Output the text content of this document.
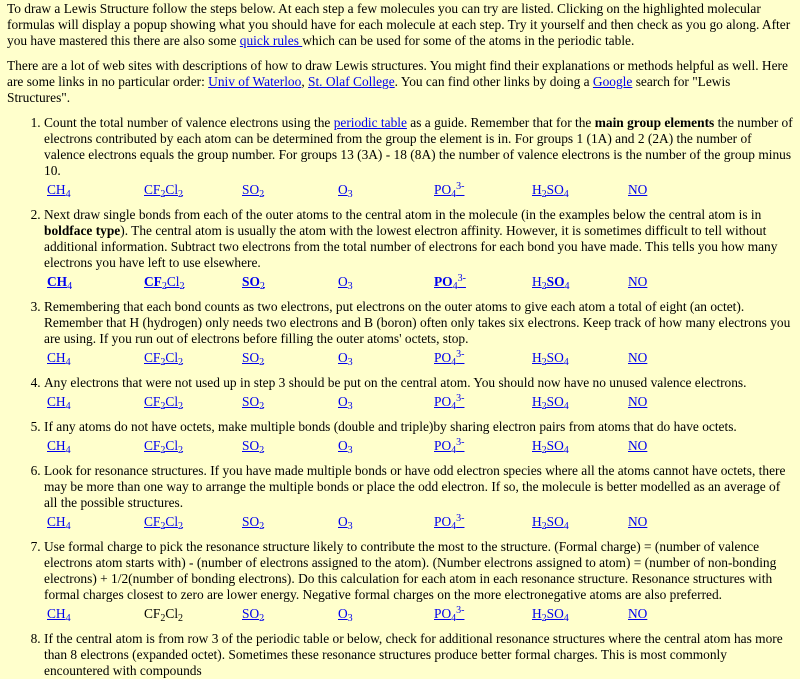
To draw a Lewis Structure follow the steps below. At each step a few molecules you can try are listed. Clicking on the highlighted molecular formulas will display a popup showing what you should have for each molecule at each step. Try it yourself and then check as you go along. After you have mastered this there are also some quick rules which can be used for some of the atoms in the periodic table.

There are a lot of web sites with descriptions of how to draw Lewis structures. You might find their explanations or methods helpful as well. Here are some links in no particular order: Univ of Waterloo, St. Olaf College. You can find other links by doing a Google search for "Lewis Structures".

1. Count the total number of valence electrons using the periodic table as a guide. Remember that for the main group elements the number of electrons contributed by each atom can be determined from the group the element is in. For groups 1 (1A) and 2 (2A) the number of valence electrons equals the group number. For groups 13 (3A) - 18 (8A) the number of valence electrons is the number of the group minus 10.
$CH_4$	$CF_2Cl_2$	$SO_2$	$O_3$	$PO_4^{3-}$	$H_2SO_4$	NO
2. Next draw single bonds from each of the outer atoms to the central atom in the molecule (in the examples below the central atom is in boldface type). The central atom is usually the atom with the lowest electron affinity. However, it is sometimes difficult to tell without additional information. Subtract two electrons from the total number of electrons for each bond you have made. This tells you how many electrons you have left to use elsewhere.
$CH_4$	$CF_2Cl_2$	$SO_2$	$O_3$	$PO_4^{3-}$	$H_2SO_4$	NO
3. Remembering that each bond counts as two electrons, put electrons on the outer atoms to give each atom a total of eight (an octet). Remember that H (hydrogen) only needs two electrons and B (boron) often only takes six electrons. Keep track of how many electrons you are using. If you run out of electrons before filling the outer atoms' octets, stop.
$CH_4$	$CF_2Cl_2$	$SO_2$	$O_3$	$PO_4^{3-}$	$H_2SO_4$	NO
4. Any electrons that were not used up in step 3 should be put on the central atom. You should now have no unused valence electrons.
$CH_4$	$CF_2Cl_2$	$SO_2$	$O_3$	$PO_4^{3-}$	$H_2SO_4$	NO
5. If any atoms do not have octets, make multiple bonds (double and triple)by sharing electron pairs from atoms that do have octets.
$CH_4$	$CF_2Cl_2$	$SO_2$	$O_3$	$PO_4^{3-}$	$H_2SO_4$	NO
6. Look for resonance structures. If you have made multiple bonds or have odd electron species where all the atoms cannot have octets, there may be more than one way to arrange the multiple bonds or place the odd electron. If so, the molecule is better modelled as an average of all the possible structures.
$CH_4$	$CF_2Cl_2$	$SO_2$	$O_3$	$PO_4^{3-}$	$H_2SO_4$	NO
7. Use formal charge to pick the resonance structure likely to contribute the most to the structure. (Formal charge) = (number of valence electrons atom starts with) - (number of electrons assigned to the atom). (Number electrons assigned to atom) = (number of non-bonding electrons) + 1/2(number of bonding electrons). Do this calculation for each atom in each resonance structure. Resonance structures with formal charges closest to zero are lower energy. Negative formal charges on the more electronegative atoms are also preferred.
$CH_4$	$CF_2Cl_2$	$SO_2$	$O_3$	$PO_4^{3-}$	$H_2SO_4$	NO
8. If the central atom is from row 3 of the periodic table or below, check for additional resonance structures where the central atom has more than 8 electrons (expanded octet). Sometimes these resonance structures produce better formal charges. This is most commonly encountered with compounds
